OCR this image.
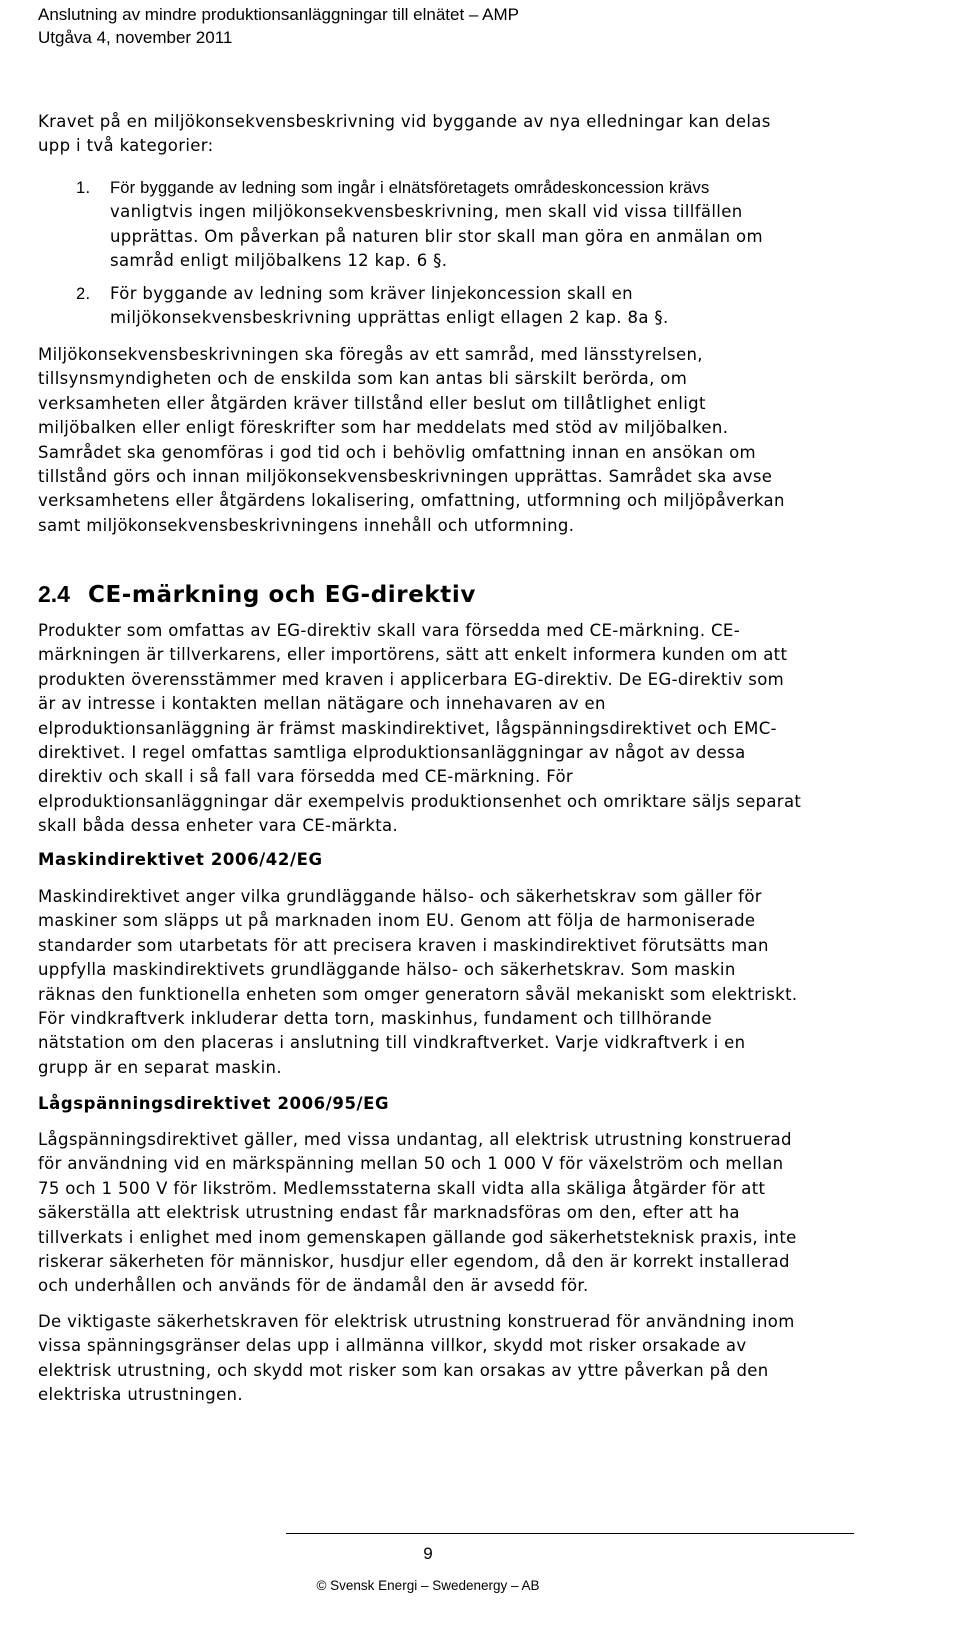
Anslutning av mindre produktionsanläggningar till elnätet – AMP
Utgåva 4, november 2011
Kravet på en miljökonsekvensbeskrivning vid byggande av nya elledningar kan delas
upp i två kategorier:
1. För byggande av ledning som ingår i elnätsföretagets områdeskoncession krävs
vanligtvis ingen miljökonsekvensbeskrivning, men skall vid vissa tillfällen
upprättas. Om påverkan på naturen blir stor skall man göra en anmälan om
samråd enligt miljöbalkens 12 kap. 6 §.
2. För byggande av ledning som kräver linjekoncession skall en
miljökonsekvensbeskrivning upprättas enligt ellagen 2 kap. 8a §.
Miljökonsekvensbeskrivningen ska föregås av ett samråd, med länsstyrelsen,
tillsynsmyndigheten och de enskilda som kan antas bli särskilt berörda, om
verksamheten eller åtgärden kräver tillstånd eller beslut om tillåtlighet enligt
miljöbalken eller enligt föreskrifter som har meddelats med stöd av miljöbalken.
Samrådet ska genomföras i god tid och i behövlig omfattning innan en ansökan om
tillstånd görs och innan miljökonsekvensbeskrivningen upprättas. Samrådet ska avse
verksamhetens eller åtgärdens lokalisering, omfattning, utformning och miljöpåverkan
samt miljökonsekvensbeskrivningens innehåll och utformning.
2.4 CE-märkning och EG-direktiv
Produkter som omfattas av EG-direktiv skall vara försedda med CE-märkning. CE-
märkningen är tillverkarens, eller importörens, sätt att enkelt informera kunden om att
produkten överensstämmer med kraven i applicerbara EG-direktiv. De EG-direktiv som
är av intresse i kontakten mellan nätägare och innehavaren av en
elproduktionsanläggning är främst maskindirektivet, lågspänningsdirektivet och EMC-
direktivet. I regel omfattas samtliga elproduktionsanläggningar av något av dessa
direktiv och skall i så fall vara försedda med CE-märkning. För
elproduktionsanläggningar där exempelvis produktionsenhet och omriktare säljs separat
skall båda dessa enheter vara CE-märkta.
Maskindirektivet 2006/42/EG
Maskindirektivet anger vilka grundläggande hälso- och säkerhetskrav som gäller för
maskiner som släpps ut på marknaden inom EU. Genom att följa de harmoniserade
standarder som utarbetats för att precisera kraven i maskindirektivet förutsätts man
uppfylla maskindirektivets grundläggande hälso- och säkerhetskrav. Som maskin
räknas den funktionella enheten som omger generatorn såväl mekaniskt som elektriskt.
För vindkraftverk inkluderar detta torn, maskinhus, fundament och tillhörande
nätstation om den placeras i anslutning till vindkraftverket. Varje vidkraftverk i en
grupp är en separat maskin.
Lågspänningsdirektivet 2006/95/EG
Lågspänningsdirektivet gäller, med vissa undantag, all elektrisk utrustning konstruerad
för användning vid en märkspänning mellan 50 och 1 000 V för växelström och mellan
75 och 1 500 V för likström. Medlemsstaterna skall vidta alla skäliga åtgärder för att
säkerställa att elektrisk utrustning endast får marknadsföras om den, efter att ha
tillverkats i enlighet med inom gemenskapen gällande god säkerhetsteknisk praxis, inte
riskerar säkerheten för människor, husdjur eller egendom, då den är korrekt installerad
och underhållen och används för de ändamål den är avsedd för.
De viktigaste säkerhetskraven för elektrisk utrustning konstruerad för användning inom
vissa spänningsgränser delas upp i allmänna villkor, skydd mot risker orsakade av
elektrisk utrustning, och skydd mot risker som kan orsakas av yttre påverkan på den
elektriska utrustningen.
9
© Svensk Energi – Swedenergy – AB
